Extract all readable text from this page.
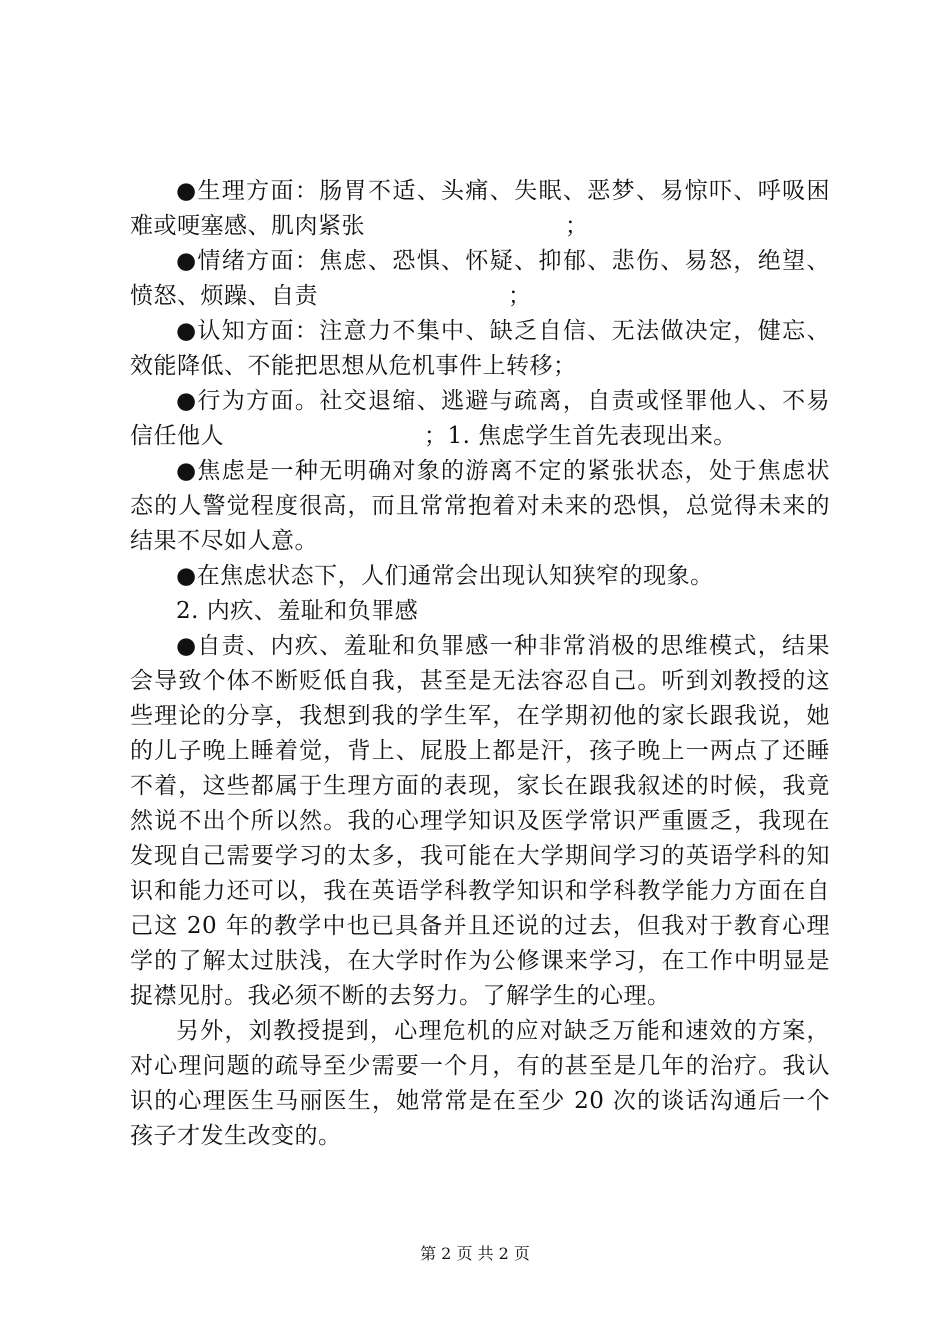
●生理方面：肠胃不适、头痛、失眠、恶梦、易惊吓、呼吸困难或哽塞感、肌肉紧张	；

●情绪方面：焦虑、恐惧、怀疑、抑郁、悲伤、易怒，绝望、愤怒、烦躁、自责	；

●认知方面：注意力不集中、缺乏自信、无法做决定，健忘、效能降低、不能把思想从危机事件上转移；

●行为方面。社交退缩、逃避与疏离，自责或怪罪他人、不易信任他人	；1. 焦虑学生首先表现出来。

●焦虑是一种无明确对象的游离不定的紧张状态，处于焦虑状态的人警觉程度很高，而且常常抱着对未来的恐惧，总觉得未来的结果不尽如人意。

●在焦虑状态下，人们通常会出现认知狭窄的现象。

2. 内疚、羞耻和负罪感

●自责、内疚、羞耻和负罪感一种非常消极的思维模式，结果会导致个体不断贬低自我，甚至是无法容忍自己。听到刘教授的这些理论的分享，我想到我的学生军，在学期初他的家长跟我说，她的儿子晚上睡着觉，背上、屁股上都是汗，孩子晚上一两点了还睡不着，这些都属于生理方面的表现，家长在跟我叙述的时候，我竟然说不出个所以然。我的心理学知识及医学常识严重匮乏，我现在发现自己需要学习的太多，我可能在大学期间学习的英语学科的知识和能力还可以，我在英语学科教学知识和学科教学能力方面在自己这 20 年的教学中也已具备并且还说的过去，但我对于教育心理学的了解太过肤浅，在大学时作为公修课来学习，在工作中明显是捉襟见肘。我必须不断的去努力。了解学生的心理。

另外，刘教授提到，心理危机的应对缺乏万能和速效的方案，对心理问题的疏导至少需要一个月，有的甚至是几年的治疗。我认识的心理医生马丽医生，她常常是在至少 20 次的谈话沟通后一个孩子才发生改变的。

第 2 页 共 2 页
